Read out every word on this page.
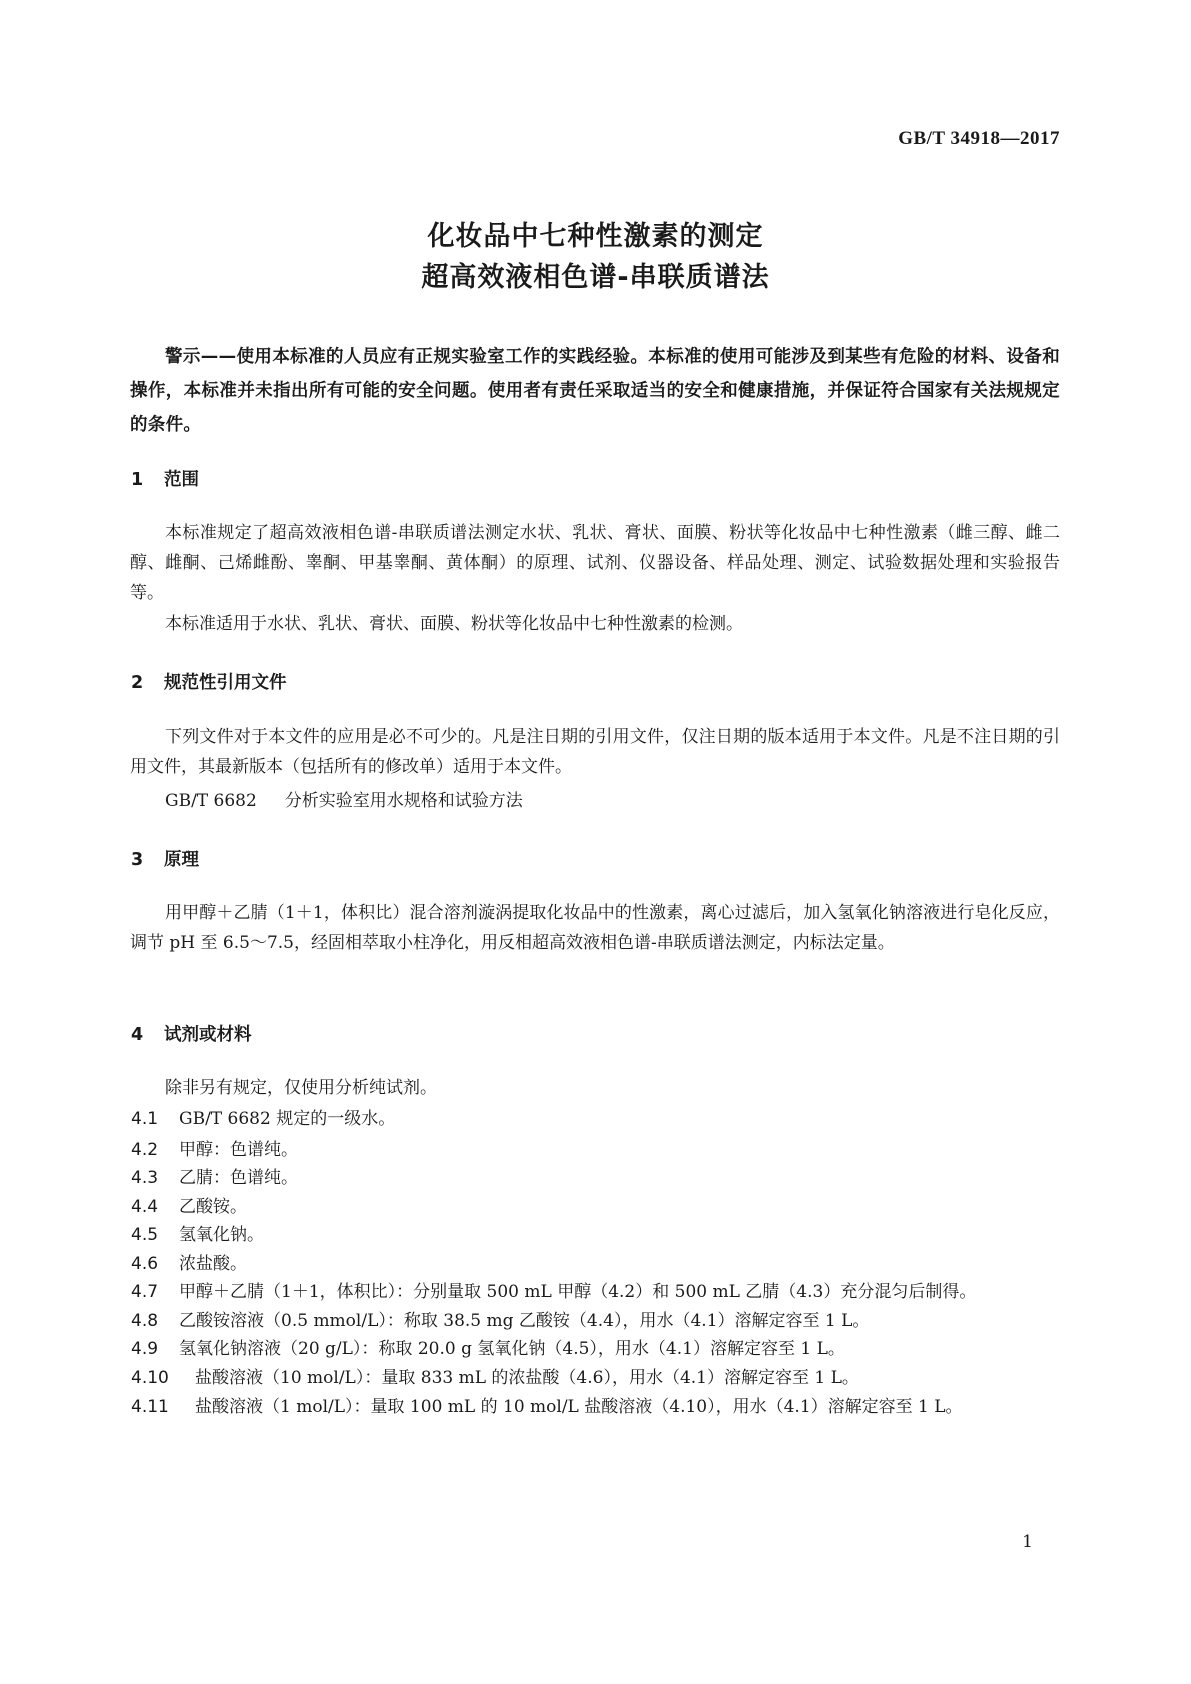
GB/T 34918—2017
化妆品中七种性激素的测定
超高效液相色谱-串联质谱法
警示——使用本标准的人员应有正规实验室工作的实践经验。本标准的使用可能涉及到某些有危险的材料、设备和操作，本标准并未指出所有可能的安全问题。使用者有责任采取适当的安全和健康措施，并保证符合国家有关法规规定的条件。
1 范围
本标准规定了超高效液相色谱-串联质谱法测定水状、乳状、膏状、面膜、粉状等化妆品中七种性激素（雌三醇、雌二醇、雌酮、己烯雌酚、睾酮、甲基睾酮、黄体酮）的原理、试剂、仪器设备、样品处理、测定、试验数据处理和实验报告等。
本标准适用于水状、乳状、膏状、面膜、粉状等化妆品中七种性激素的检测。
2 规范性引用文件
下列文件对于本文件的应用是必不可少的。凡是注日期的引用文件，仅注日期的版本适用于本文件。凡是不注日期的引用文件，其最新版本（包括所有的修改单）适用于本文件。
GB/T 6682 分析实验室用水规格和试验方法
3 原理
用甲醇＋乙腈（1＋1，体积比）混合溶剂漩涡提取化妆品中的性激素，离心过滤后，加入氢氧化钠溶液进行皂化反应，调节 pH 至 6.5～7.5，经固相萃取小柱净化，用反相超高效液相色谱-串联质谱法测定，内标法定量。
4 试剂或材料
除非另有规定，仅使用分析纯试剂。
4.1 GB/T 6682 规定的一级水。
4.2 甲醇：色谱纯。
4.3 乙腈：色谱纯。
4.4 乙酸铵。
4.5 氢氧化钠。
4.6 浓盐酸。
4.7 甲醇＋乙腈（1＋1，体积比）：分别量取 500 mL 甲醇（4.2）和 500 mL 乙腈（4.3）充分混匀后制得。
4.8 乙酸铵溶液（0.5 mmol/L）：称取 38.5 mg 乙酸铵（4.4），用水（4.1）溶解定容至 1 L。
4.9 氢氧化钠溶液（20 g/L）：称取 20.0 g 氢氧化钠（4.5），用水（4.1）溶解定容至 1 L。
4.10 盐酸溶液（10 mol/L）：量取 833 mL 的浓盐酸（4.6），用水（4.1）溶解定容至 1 L。
4.11 盐酸溶液（1 mol/L）：量取 100 mL 的 10 mol/L 盐酸溶液（4.10），用水（4.1）溶解定容至 1 L。
1
